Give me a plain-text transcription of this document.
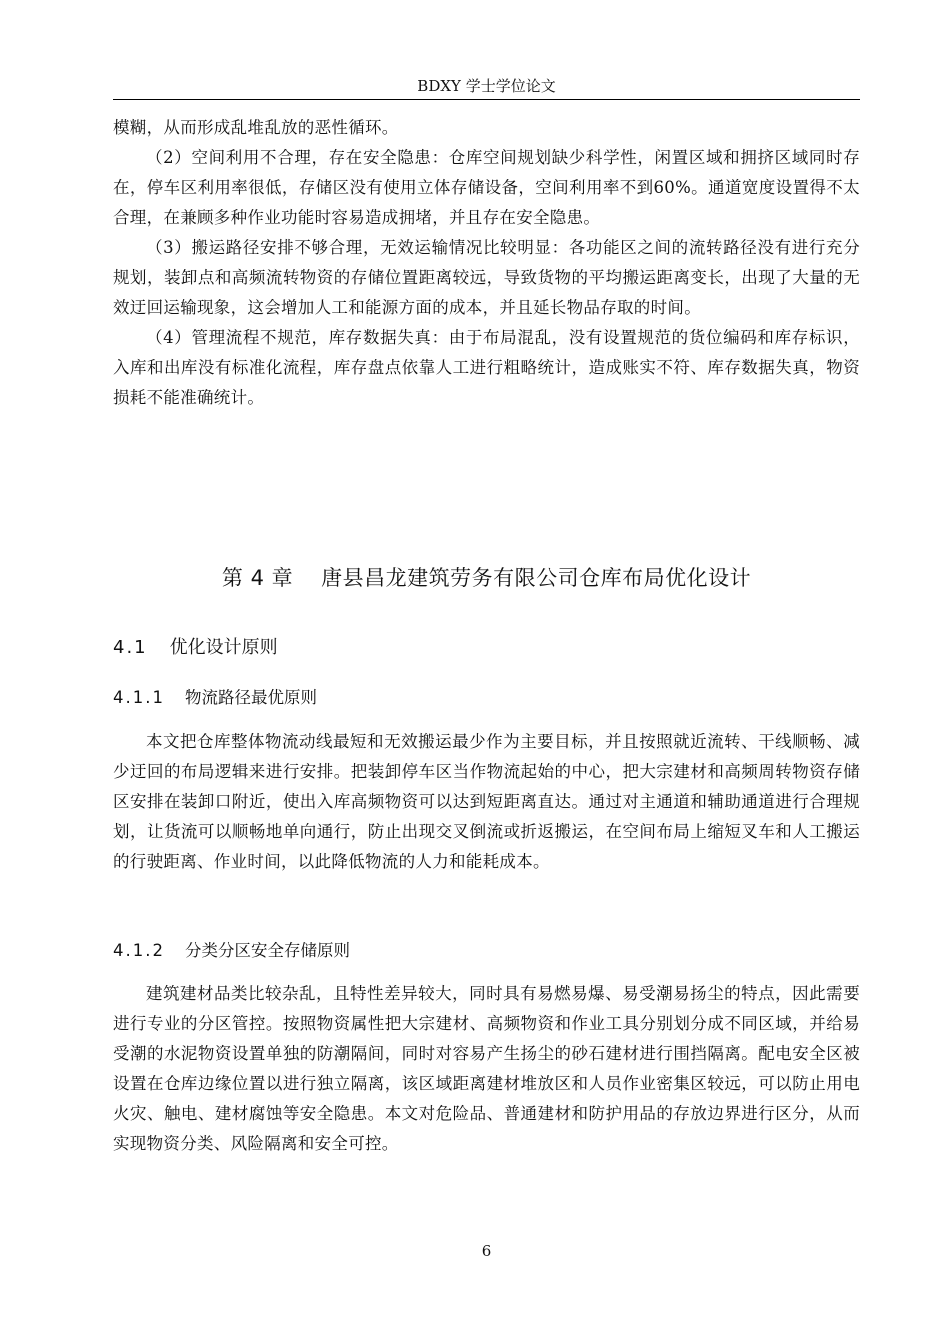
BDXY 学士学位论文

模糊，从而形成乱堆乱放的恶性循环。

（2）空间利用不合理，存在安全隐患：仓库空间规划缺少科学性，闲置区域和拥挤区域同时存在，停车区利用率很低，存储区没有使用立体存储设备，空间利用率不到60%。通道宽度设置得不太合理，在兼顾多种作业功能时容易造成拥堵，并且存在安全隐患。

（3）搬运路径安排不够合理，无效运输情况比较明显：各功能区之间的流转路径没有进行充分规划，装卸点和高频流转物资的存储位置距离较远，导致货物的平均搬运距离变长，出现了大量的无效迂回运输现象，这会增加人工和能源方面的成本，并且延长物品存取的时间。

（4）管理流程不规范，库存数据失真：由于布局混乱，没有设置规范的货位编码和库存标识，入库和出库没有标准化流程，库存盘点依靠人工进行粗略统计，造成账实不符、库存数据失真，物资损耗不能准确统计。

第 4 章 唐县昌龙建筑劳务有限公司仓库布局优化设计
4.1 优化设计原则
4.1.1 物流路径最优原则

本文把仓库整体物流动线最短和无效搬运最少作为主要目标，并且按照就近流转、干线顺畅、减少迂回的布局逻辑来进行安排。把装卸停车区当作物流起始的中心，把大宗建材和高频周转物资存储区安排在装卸口附近，使出入库高频物资可以达到短距离直达。通过对主通道和辅助通道进行合理规划，让货流可以顺畅地单向通行，防止出现交叉倒流或折返搬运，在空间布局上缩短叉车和人工搬运的行驶距离、作业时间，以此降低物流的人力和能耗成本。

4.1.2 分类分区安全存储原则

建筑建材品类比较杂乱，且特性差异较大，同时具有易燃易爆、易受潮易扬尘的特点，因此需要进行专业的分区管控。按照物资属性把大宗建材、高频物资和作业工具分别划分成不同区域，并给易受潮的水泥物资设置单独的防潮隔间，同时对容易产生扬尘的砂石建材进行围挡隔离。配电安全区被设置在仓库边缘位置以进行独立隔离，该区域距离建材堆放区和人员作业密集区较远，可以防止用电火灾、触电、建材腐蚀等安全隐患。本文对危险品、普通建材和防护用品的存放边界进行区分，从而实现物资分类、风险隔离和安全可控。

6
